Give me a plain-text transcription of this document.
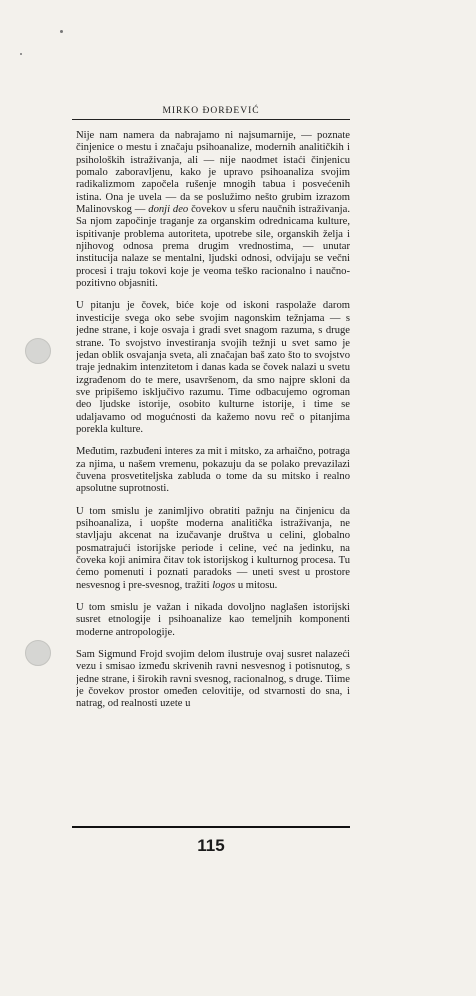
MIRKO ĐORĐEVIĆ

Nije nam namera da nabrajamo ni najsumarnije, — poznate činjenice o mestu i značaju psihoanalize, modernih analitičkih i psiholoških istraživanja, ali — nije naodmet istaći činjenicu pomalo zaboravljenu, kako je upravo psihoanaliza svojim radikalizmom započela rušenje mnogih tabua i posvećenih istina. Ona je uvela — da se poslužimo nešto grubim izrazom Malinovskog — donji deo čovekov u sferu naučnih istraživanja. Sa njom započinje traganje za organskim odrednicama kulture, ispitivanje problema autoriteta, upotrebe sile, organskih želja i njihovog odnosa prema drugim vrednostima, — unutar institucija nalaze se mentalni, ljudski odnosi, odvijaju se večni procesi i traju tokovi koje je veoma teško racionalno i naučno-pozitivno objasniti.

U pitanju je čovek, biće koje od iskoni raspolaže darom investicije svega oko sebe svojim nagonskim težnjama — s jedne strane, i koje osvaja i gradi svet snagom razuma, s druge strane. To svojstvo investiranja svojih težnji u svet samo je jedan oblik osvajanja sveta, ali značajan baš zato što to svojstvo traje jednakim intenzitetom i danas kada se čovek nalazi u svetu izgrađenom do te mere, usavršenom, da smo najpre skloni da sve pripišemo isključivo razumu. Time odbacujemo ogroman deo ljudske istorije, osobito kulturne istorije, i time se udaljavamo od mogućnosti da kažemo novu reč o pitanjima porekla kulture.

Međutim, razbuđeni interes za mit i mitsko, za arhaično, potraga za njima, u našem vremenu, pokazuju da se polako prevazilazi čuvena prosvetiteljska zabluda o tome da su mitsko i realno apsolutne suprotnosti.

U tom smislu je zanimljivo obratiti pažnju na činjenicu da psihoanaliza, i uopšte moderna analitička istraživanja, ne stavljaju akcenat na izučavanje društva u celini, globalno posmatrajući istorijske periode i celine, već na jedinku, na čoveka koji animira čitav tok istorijskog i kulturnog procesa. Tu ćemo pomenuti i poznati paradoks — uneti svest u prostore nesvesnog i pre-svesnog, tražiti logos u mitosu.

U tom smislu je važan i nikada dovoljno naglašen istorijski susret etnologije i psihoanalize kao temeljnih komponenti moderne antropologije.

Sam Sigmund Frojd svojim delom ilustruje ovaj susret nalazeći vezu i smisao između skrivenih ravni nesvesnog i potisnutog, s jedne strane, i širokih ravni svesnog, racionalnog, s druge. Tiime je čovekov prostor omeđen celovitije, od stvarnosti do sna, i natrag, od realnosti uzete u

115
